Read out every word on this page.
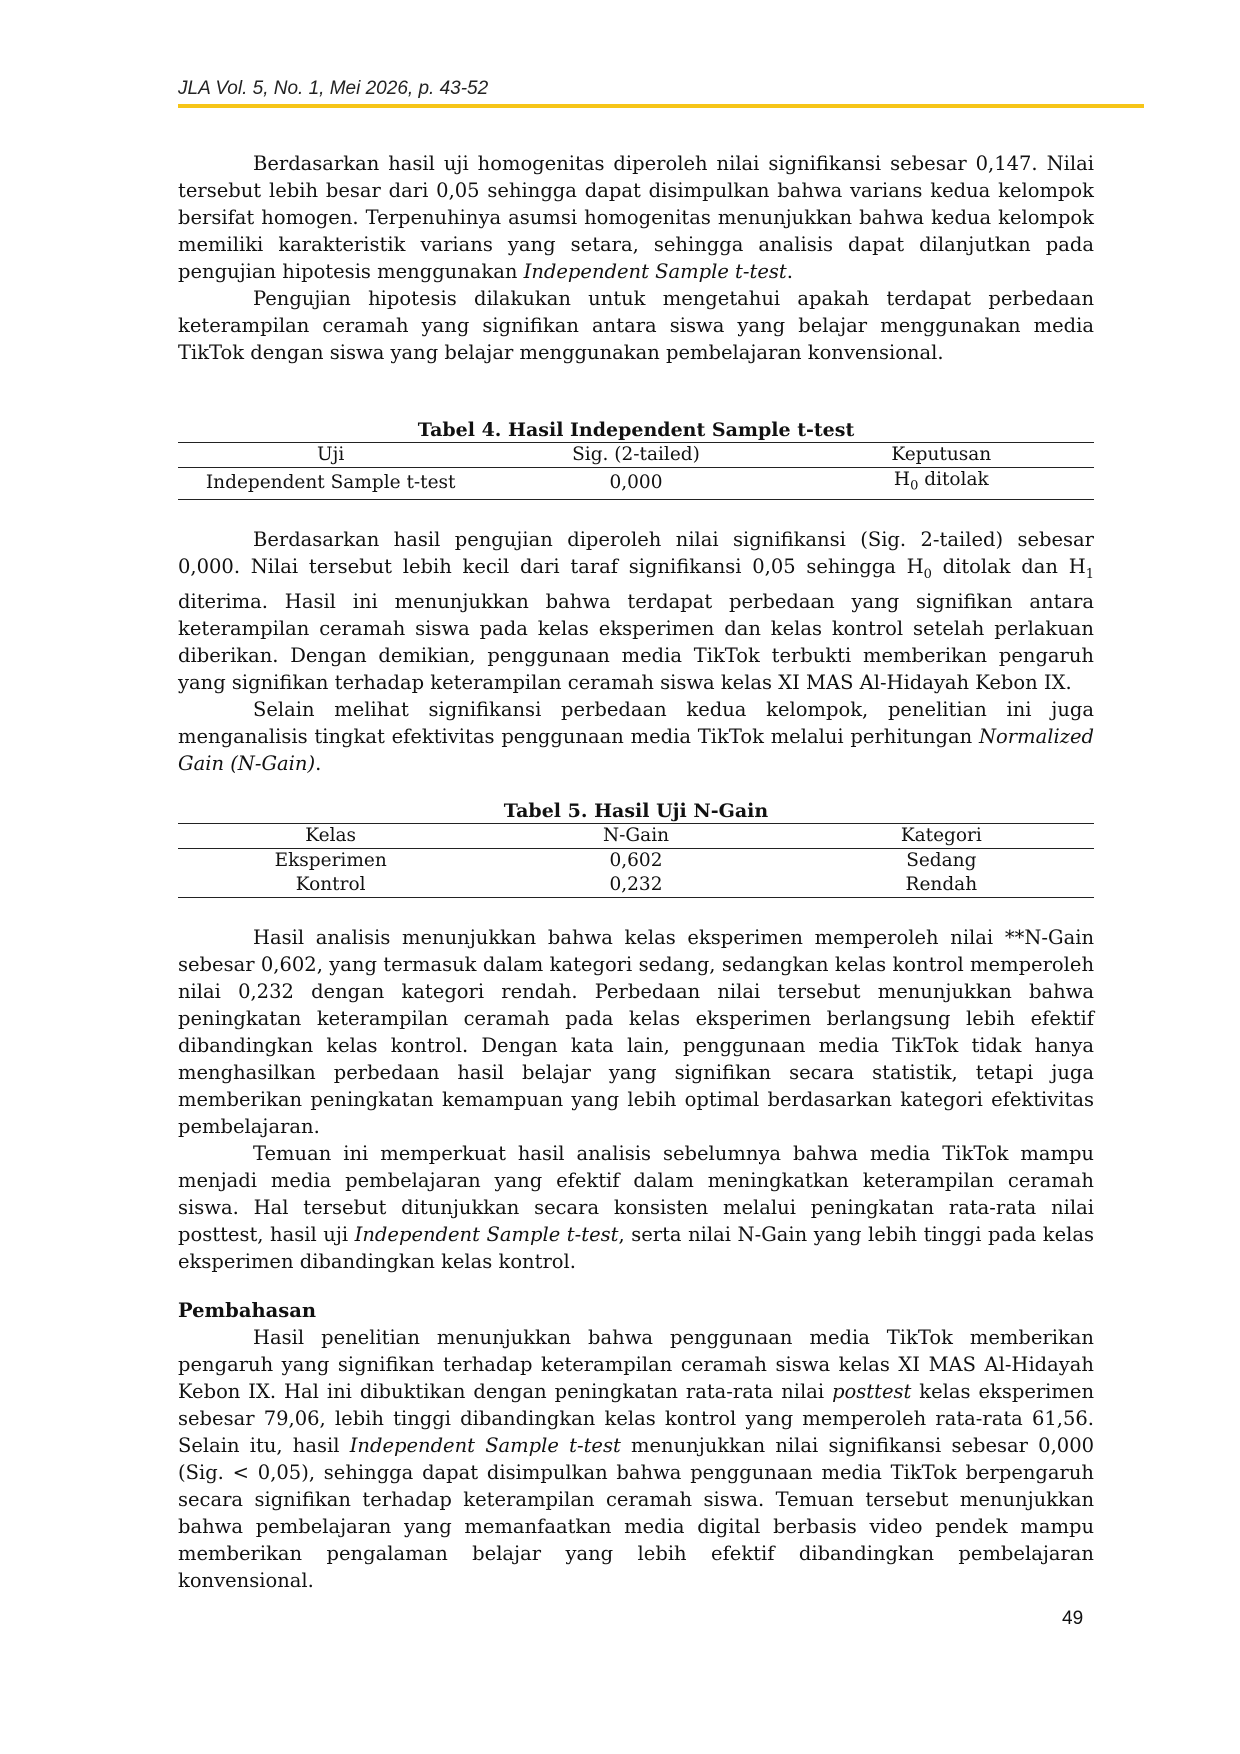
JLA Vol. 5, No. 1, Mei 2026, p. 43-52

Berdasarkan hasil uji homogenitas diperoleh nilai signifikansi sebesar 0,147. Nilai tersebut lebih besar dari 0,05 sehingga dapat disimpulkan bahwa varians kedua kelompok bersifat homogen. Terpenuhinya asumsi homogenitas menunjukkan bahwa kedua kelompok memiliki karakteristik varians yang setara, sehingga analisis dapat dilanjutkan pada pengujian hipotesis menggunakan Independent Sample t-test.

Pengujian hipotesis dilakukan untuk mengetahui apakah terdapat perbedaan keterampilan ceramah yang signifikan antara siswa yang belajar menggunakan media TikTok dengan siswa yang belajar menggunakan pembelajaran konvensional.

Tabel 4. Hasil Independent Sample t-test
Uji	Sig. (2-tailed)	Keputusan
Independent Sample t-test	0,000	$H_0$ ditolak

Berdasarkan hasil pengujian diperoleh nilai signifikansi (Sig. 2-tailed) sebesar 0,000. Nilai tersebut lebih kecil dari taraf signifikansi 0,05 sehingga $H_0$ ditolak dan $H_1$ diterima. Hasil ini menunjukkan bahwa terdapat perbedaan yang signifikan antara keterampilan ceramah siswa pada kelas eksperimen dan kelas kontrol setelah perlakuan diberikan. Dengan demikian, penggunaan media TikTok terbukti memberikan pengaruh yang signifikan terhadap keterampilan ceramah siswa kelas XI MAS Al-Hidayah Kebon IX.

Selain melihat signifikansi perbedaan kedua kelompok, penelitian ini juga menganalisis tingkat efektivitas penggunaan media TikTok melalui perhitungan Normalized Gain (N-Gain).

Tabel 5. Hasil Uji N-Gain
Kelas	N-Gain	Kategori
Eksperimen	0,602	Sedang
Kontrol	0,232	Rendah

Hasil analisis menunjukkan bahwa kelas eksperimen memperoleh nilai **N-Gain sebesar 0,602, yang termasuk dalam kategori sedang, sedangkan kelas kontrol memperoleh nilai 0,232 dengan kategori rendah. Perbedaan nilai tersebut menunjukkan bahwa peningkatan keterampilan ceramah pada kelas eksperimen berlangsung lebih efektif dibandingkan kelas kontrol. Dengan kata lain, penggunaan media TikTok tidak hanya menghasilkan perbedaan hasil belajar yang signifikan secara statistik, tetapi juga memberikan peningkatan kemampuan yang lebih optimal berdasarkan kategori efektivitas pembelajaran.

Temuan ini memperkuat hasil analisis sebelumnya bahwa media TikTok mampu menjadi media pembelajaran yang efektif dalam meningkatkan keterampilan ceramah siswa. Hal tersebut ditunjukkan secara konsisten melalui peningkatan rata-rata nilai posttest, hasil uji Independent Sample t-test, serta nilai N-Gain yang lebih tinggi pada kelas eksperimen dibandingkan kelas kontrol.

Pembahasan

Hasil penelitian menunjukkan bahwa penggunaan media TikTok memberikan pengaruh yang signifikan terhadap keterampilan ceramah siswa kelas XI MAS Al-Hidayah Kebon IX. Hal ini dibuktikan dengan peningkatan rata-rata nilai posttest kelas eksperimen sebesar 79,06, lebih tinggi dibandingkan kelas kontrol yang memperoleh rata-rata 61,56. Selain itu, hasil Independent Sample t-test menunjukkan nilai signifikansi sebesar 0,000 (Sig. < 0,05), sehingga dapat disimpulkan bahwa penggunaan media TikTok berpengaruh secara signifikan terhadap keterampilan ceramah siswa. Temuan tersebut menunjukkan bahwa pembelajaran yang memanfaatkan media digital berbasis video pendek mampu memberikan pengalaman belajar yang lebih efektif dibandingkan pembelajaran konvensional.

49
